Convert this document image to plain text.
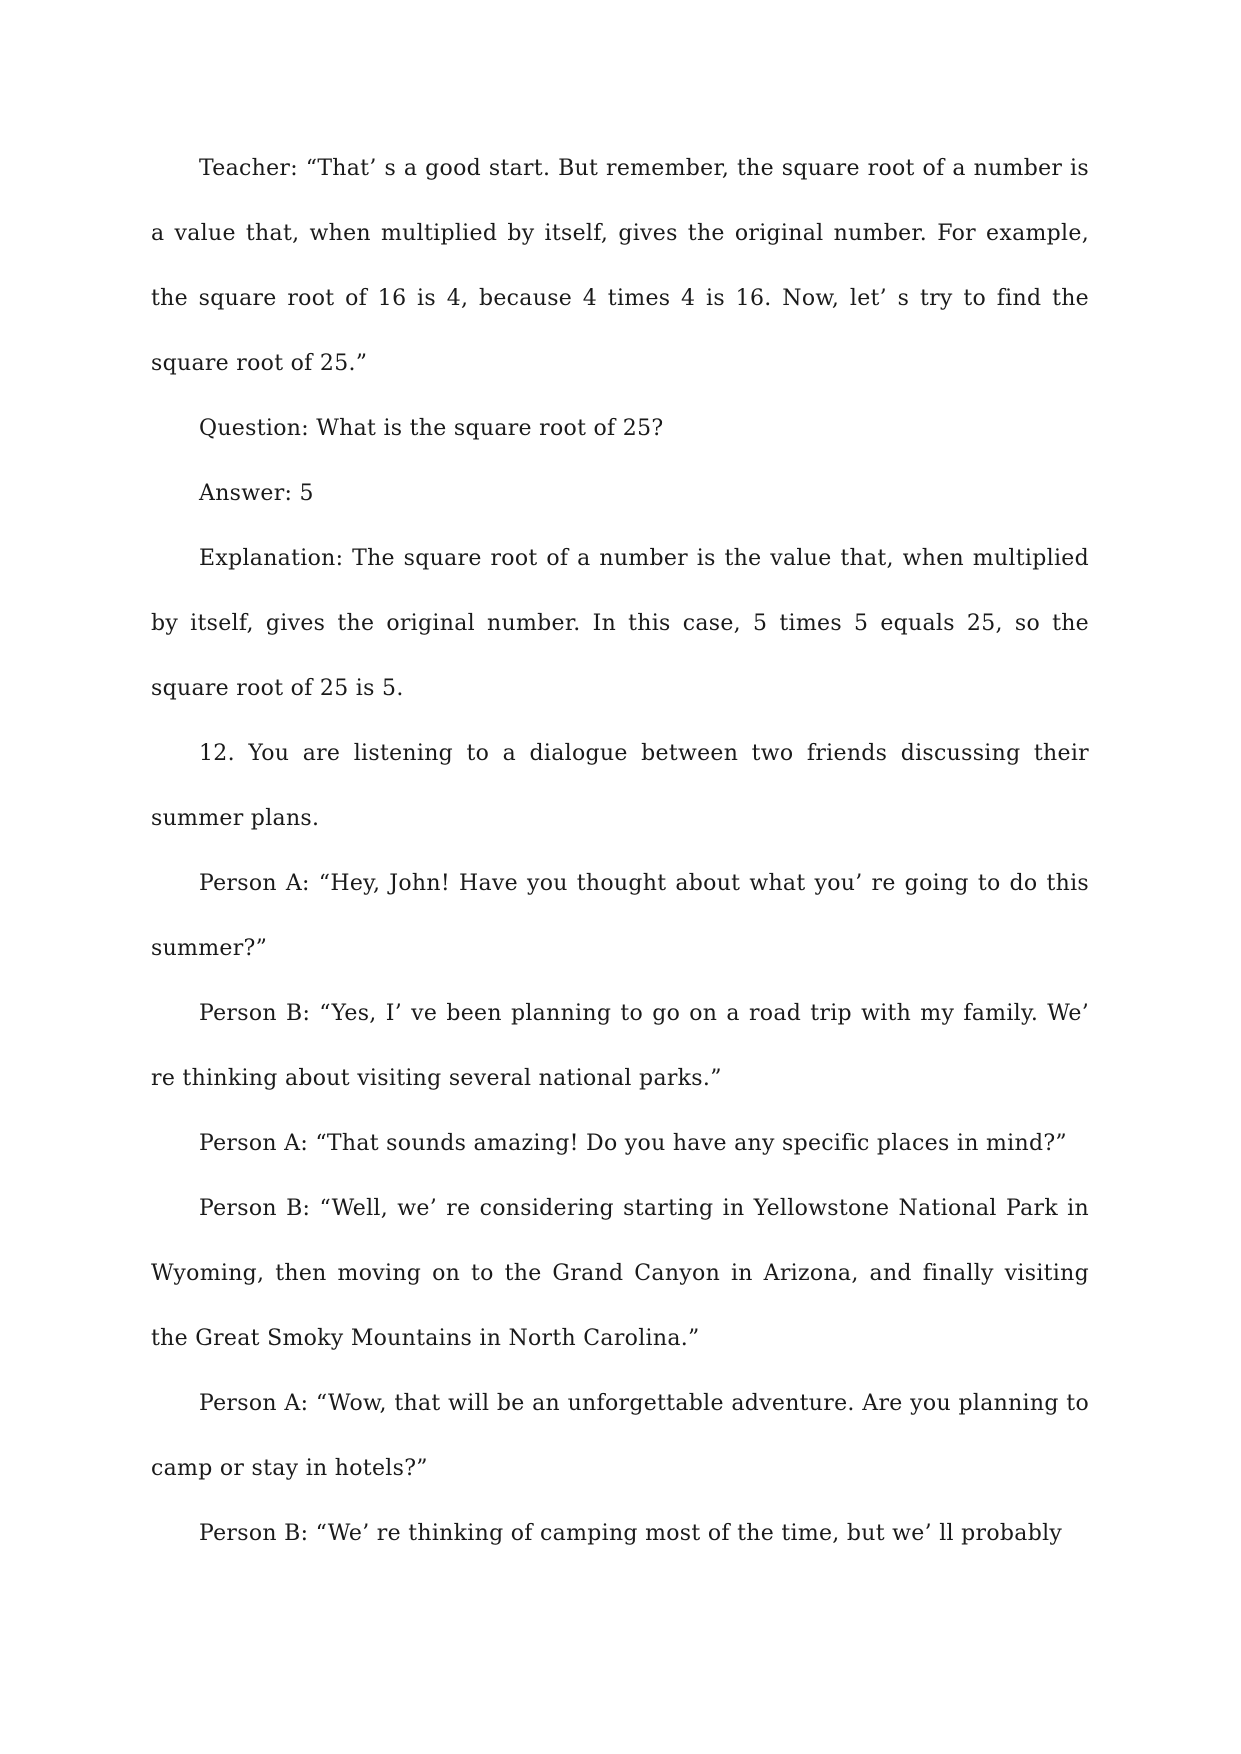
Teacher: “That’ s a good start. But remember, the square root of a number is a value that, when multiplied by itself, gives the original number. For example, the square root of 16 is 4, because 4 times 4 is 16. Now, let’ s try to find the square root of 25.”

Question: What is the square root of 25?

Answer: 5

Explanation: The square root of a number is the value that, when multiplied by itself, gives the original number. In this case, 5 times 5 equals 25, so the square root of 25 is 5.

12. You are listening to a dialogue between two friends discussing their summer plans.

Person A: “Hey, John! Have you thought about what you’ re going to do this summer?”

Person B: “Yes, I’ ve been planning to go on a road trip with my family. We’ re thinking about visiting several national parks.”

Person A: “That sounds amazing! Do you have any specific places in mind?”

Person B: “Well, we’ re considering starting in Yellowstone National Park in Wyoming, then moving on to the Grand Canyon in Arizona, and finally visiting the Great Smoky Mountains in North Carolina.”

Person A: “Wow, that will be an unforgettable adventure. Are you planning to camp or stay in hotels?”

Person B: “We’ re thinking of camping most of the time, but we’ ll probably
